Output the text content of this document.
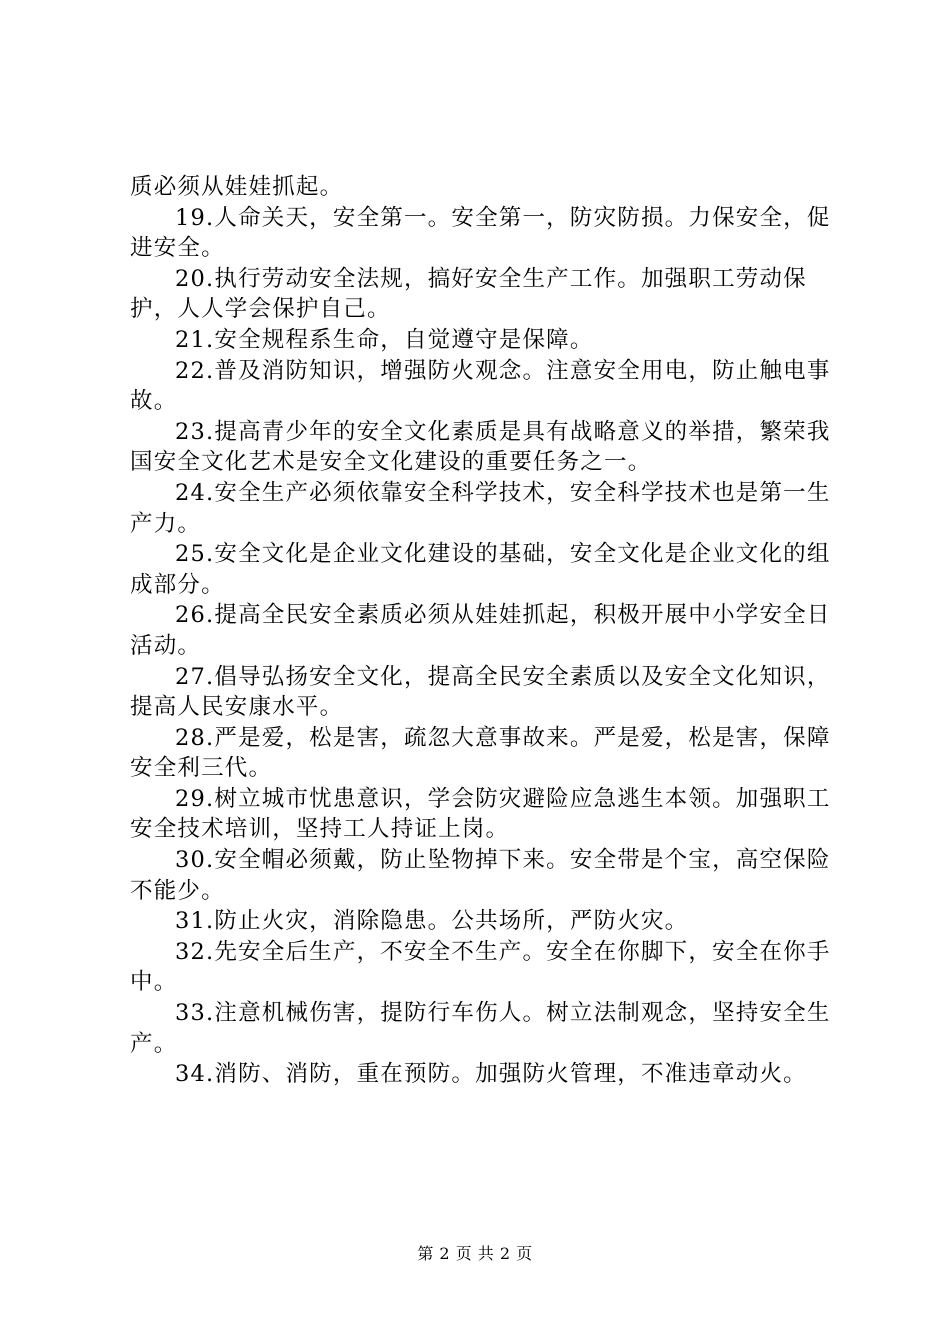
质必须从娃娃抓起。

19.人命关天，安全第一。安全第一，防灾防损。力保安全，促进安全。

20.执行劳动安全法规，搞好安全生产工作。加强职工劳动保护，人人学会保护自己。

21.安全规程系生命，自觉遵守是保障。

22.普及消防知识，增强防火观念。注意安全用电，防止触电事故。

23.提高青少年的安全文化素质是具有战略意义的举措，繁荣我国安全文化艺术是安全文化建设的重要任务之一。

24.安全生产必须依靠安全科学技术，安全科学技术也是第一生产力。

25.安全文化是企业文化建设的基础，安全文化是企业文化的组成部分。

26.提高全民安全素质必须从娃娃抓起，积极开展中小学安全日活动。

27.倡导弘扬安全文化，提高全民安全素质以及安全文化知识，提高人民安康水平。

28.严是爱，松是害，疏忽大意事故来。严是爱，松是害，保障安全利三代。

29.树立城市忧患意识，学会防灾避险应急逃生本领。加强职工安全技术培训，坚持工人持证上岗。

30.安全帽必须戴，防止坠物掉下来。安全带是个宝，高空保险不能少。

31.防止火灾，消除隐患。公共场所，严防火灾。

32.先安全后生产，不安全不生产。安全在你脚下，安全在你手中。

33.注意机械伤害，提防行车伤人。树立法制观念，坚持安全生产。

34.消防、消防，重在预防。加强防火管理，不准违章动火。

第 2 页 共 2 页
